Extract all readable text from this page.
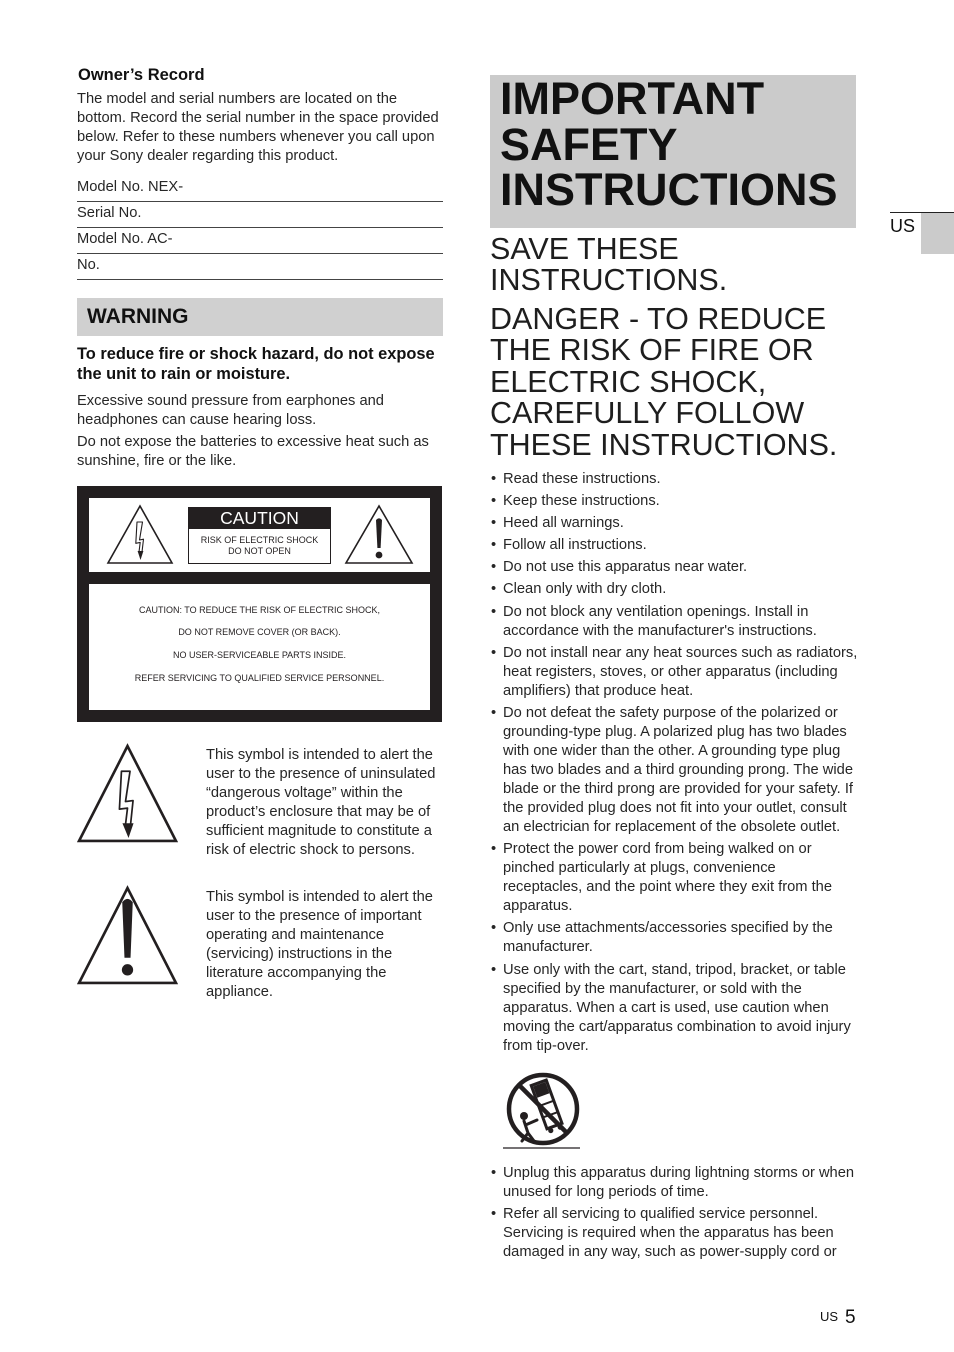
Owner’s Record
The model and serial numbers are located on the
bottom. Record the serial number in the space provided
below. Refer to these numbers whenever you call upon
your Sony dealer regarding this product.
Model No. NEX-
Serial No.
Model No. AC-
No.
WARNING
To reduce fire or shock hazard, do not expose
the unit to rain or moisture.
Excessive sound pressure from earphones and
headphones can cause hearing loss.
Do not expose the batteries to excessive heat such as
sunshine, fire or the like.
CAUTION
RISK OF ELECTRIC SHOCK
DO NOT OPEN
CAUTION: TO REDUCE THE RISK OF ELECTRIC SHOCK,
DO NOT REMOVE COVER (OR BACK).
NO USER-SERVICEABLE PARTS INSIDE.
REFER SERVICING TO QUALIFIED SERVICE PERSONNEL.
This symbol is intended to alert the
user to the presence of uninsulated
“dangerous voltage” within the
product’s enclosure that may be of
sufficient magnitude to constitute a
risk of electric shock to persons.
This symbol is intended to alert the
user to the presence of important
operating and maintenance
(servicing) instructions in the
literature accompanying the
appliance.
IMPORTANT
SAFETY
INSTRUCTIONS
SAVE THESE
INSTRUCTIONS.
DANGER - TO REDUCE
THE RISK OF FIRE OR
ELECTRIC SHOCK,
CAREFULLY FOLLOW
THESE INSTRUCTIONS.
• Read these instructions.
• Keep these instructions.
• Heed all warnings.
• Follow all instructions.
• Do not use this apparatus near water.
• Clean only with dry cloth.
• Do not block any ventilation openings. Install in
accordance with the manufacturer's instructions.
• Do not install near any heat sources such as radiators,
heat registers, stoves, or other apparatus (including
amplifiers) that produce heat.
• Do not defeat the safety purpose of the polarized or
grounding-type plug. A polarized plug has two blades
with one wider than the other. A grounding type plug
has two blades and a third grounding prong. The wide
blade or the third prong are provided for your safety. If
the provided plug does not fit into your outlet, consult
an electrician for replacement of the obsolete outlet.
• Protect the power cord from being walked on or
pinched particularly at plugs, convenience
receptacles, and the point where they exit from the
apparatus.
• Only use attachments/accessories specified by the
manufacturer.
• Use only with the cart, stand, tripod, bracket, or table
specified by the manufacturer, or sold with the
apparatus. When a cart is used, use caution when
moving the cart/apparatus combination to avoid injury
from tip-over.
• Unplug this apparatus during lightning storms or when
unused for long periods of time.
• Refer all servicing to qualified service personnel.
Servicing is required when the apparatus has been
damaged in any way, such as power-supply cord or
US
US 5
